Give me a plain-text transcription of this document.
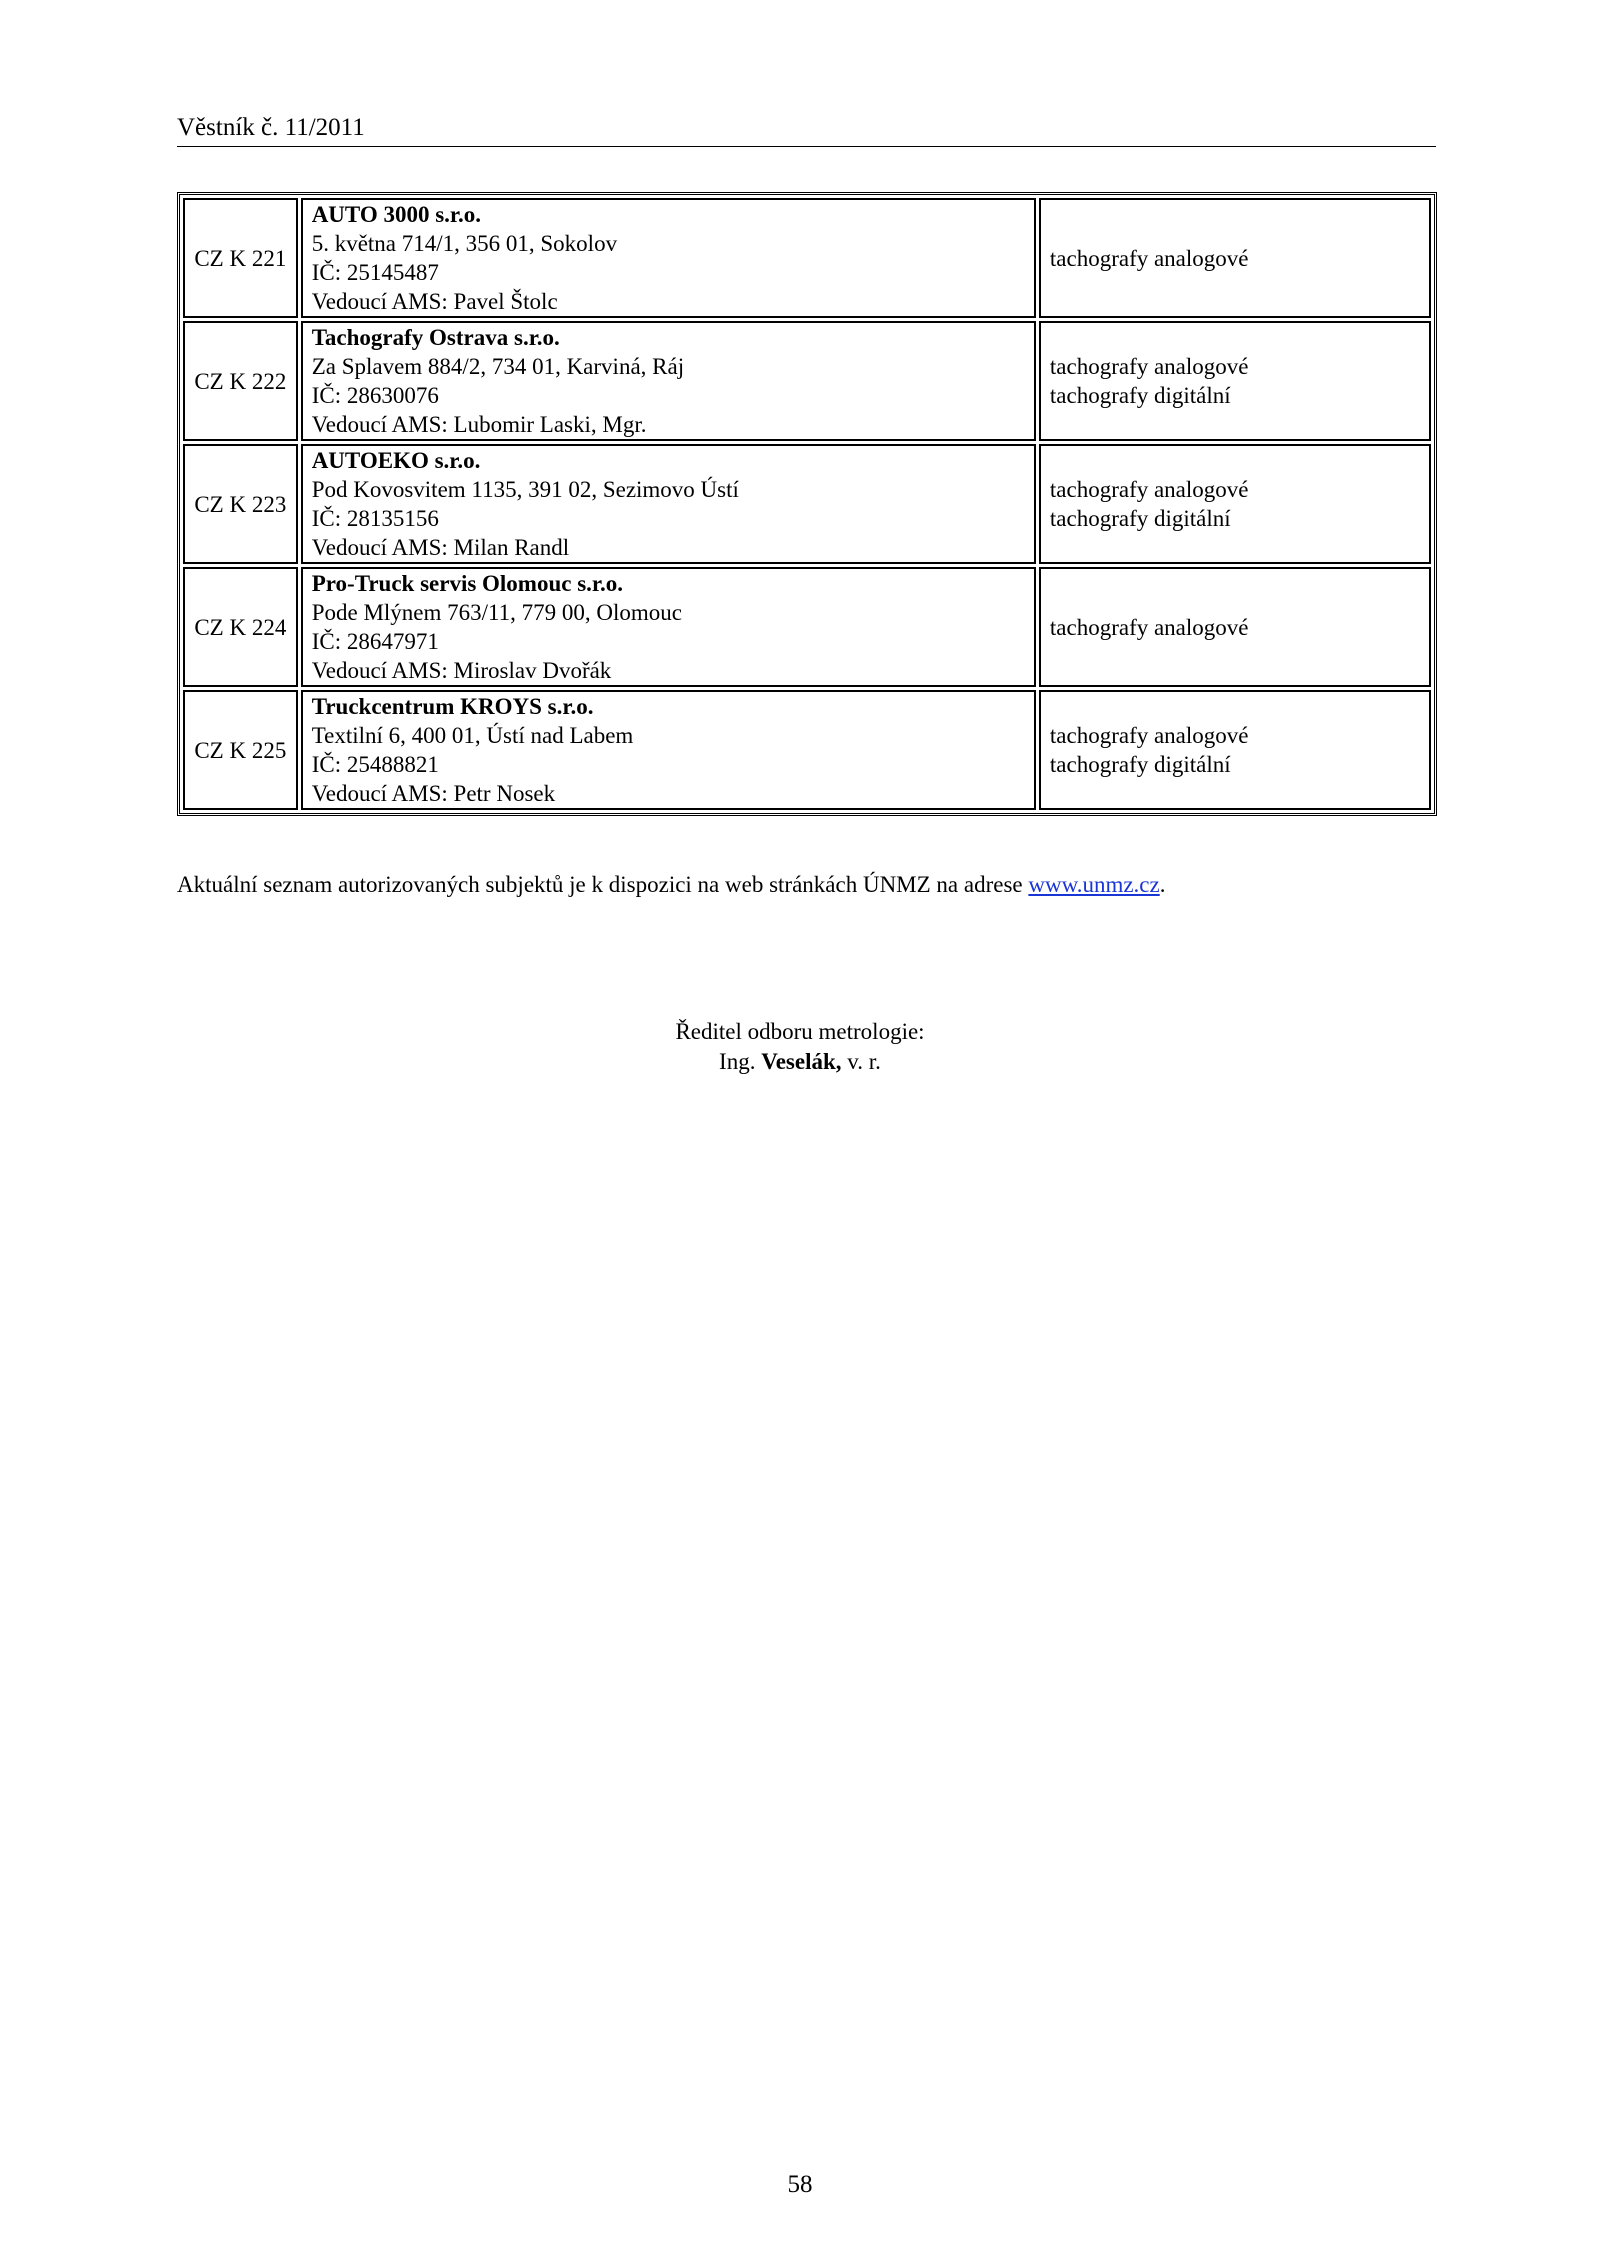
Věstník č. 11/2011
CZ K 221	AUTO 3000 s.r.o.
5. května 714/1, 356 01, Sokolov
IČ: 25145487
Vedoucí AMS: Pavel Štolc	tachografy analogové

CZ K 222	Tachografy Ostrava s.r.o.
Za Splavem 884/2, 734 01, Karviná, Ráj
IČ: 28630076
Vedoucí AMS: Lubomir Laski, Mgr.	tachografy analogové
tachografy digitální

CZ K 223	AUTOEKO s.r.o.
Pod Kovosvitem 1135, 391 02, Sezimovo Ústí
IČ: 28135156
Vedoucí AMS: Milan Randl	tachografy analogové
tachografy digitální

CZ K 224	Pro-Truck servis Olomouc s.r.o.
Pode Mlýnem 763/11, 779 00, Olomouc
IČ: 28647971
Vedoucí AMS: Miroslav Dvořák	tachografy analogové

CZ K 225	Truckcentrum KROYS s.r.o.
Textilní 6, 400 01, Ústí nad Labem
IČ: 25488821
Vedoucí AMS: Petr Nosek	tachografy analogové
tachografy digitální
Aktuální seznam autorizovaných subjektů je k dispozici na web stránkách ÚNMZ na adrese www.unmz.cz.
Ředitel odboru metrologie:
Ing. Veselák, v. r.
58
